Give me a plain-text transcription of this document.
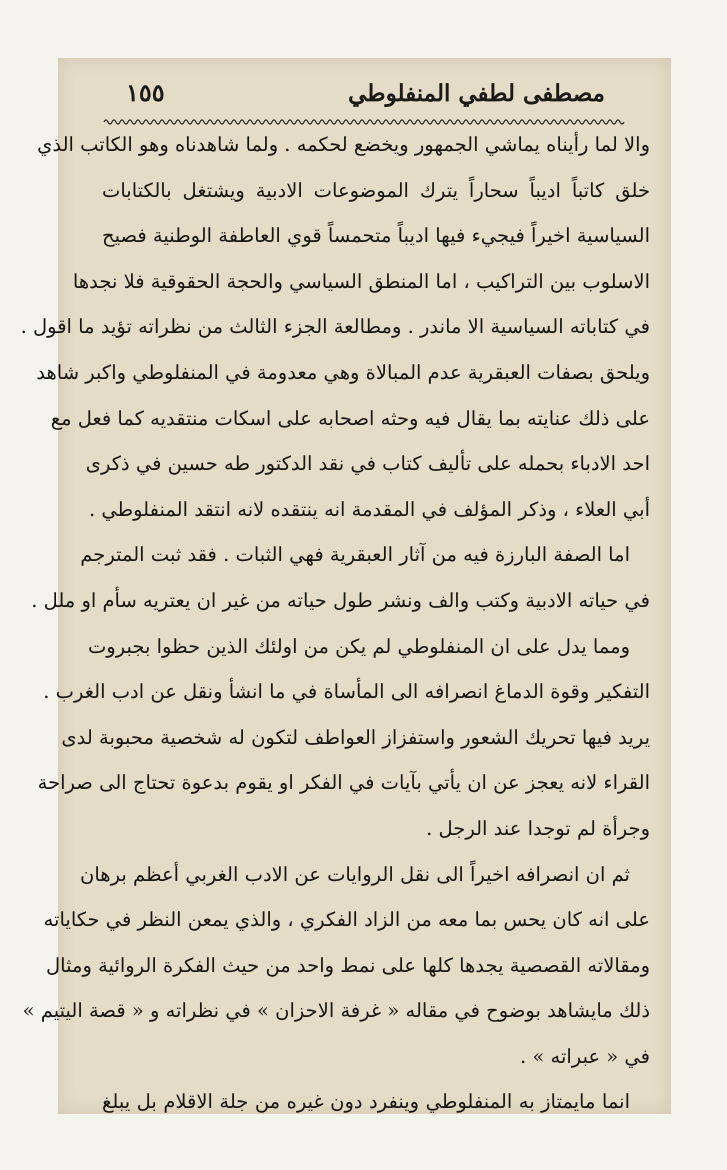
مصطفى لطفي المنفلوطي
١٥٥
والا لما رأيناه يماشي الجمهور ويخضع لحكمه . ولما شاهدناه وهو الكاتب الذي
خلق كاتباً اديباً سحاراً يترك الموضوعات الادبية ويشتغل بالكتابات
السياسية اخيراً فيجيء فيها اديباً متحمساً قوي العاطفة الوطنية فصيح
الاسلوب بين التراكيب ، اما المنطق السياسي والحجة الحقوقية فلا نجدها
في كتاباته السياسية الا ماندر . ومطالعة الجزء الثالث من نظراته تؤيد ما اقول .
ويلحق بصفات العبقرية عدم المبالاة وهي معدومة في المنفلوطي واكبر شاهد
على ذلك عنايته بما يقال فيه وحثه اصحابه على اسكات منتقديه كما فعل مع
احد الادباء بحمله على تأليف كتاب في نقد الدكتور طه حسين في ذكرى
أبي العلاء ، وذكر المؤلف في المقدمة انه ينتقده لانه انتقد المنفلوطي .
اما الصفة البارزة فيه من آثار العبقرية فهي الثبات . فقد ثبت المترجم
في حياته الادبية وكتب والف ونشر طول حياته من غير ان يعتريه سأم او ملل .
ومما يدل على ان المنفلوطي لم يكن من اولئك الذين حظوا بجبروت
التفكير وقوة الدماغ انصرافه الى المأساة في ما انشأ ونقل عن ادب الغرب .
يريد فيها تحريك الشعور واستفزاز العواطف لتكون له شخصية محبوبة لدى
القراء لانه يعجز عن ان يأتي بآيات في الفكر او يقوم بدعوة تحتاج الى صراحة
وجرأة لم توجدا عند الرجل .
ثم ان انصرافه اخيراً الى نقل الروايات عن الادب الغربي أعظم برهان
على انه كان يحس بما معه من الزاد الفكري ، والذي يمعن النظر في حكاياته
ومقالاته القصصية يجدها كلها على نمط واحد من حيث الفكرة الروائية ومثال
ذلك مايشاهد بوضوح في مقاله « غرفة الاحزان » في نظراته و « قصة اليتيم »
في « عبراته » .
انما مايمتاز به المنفلوطي وينفرد دون غيره من جلة الاقلام بل يبلغ
